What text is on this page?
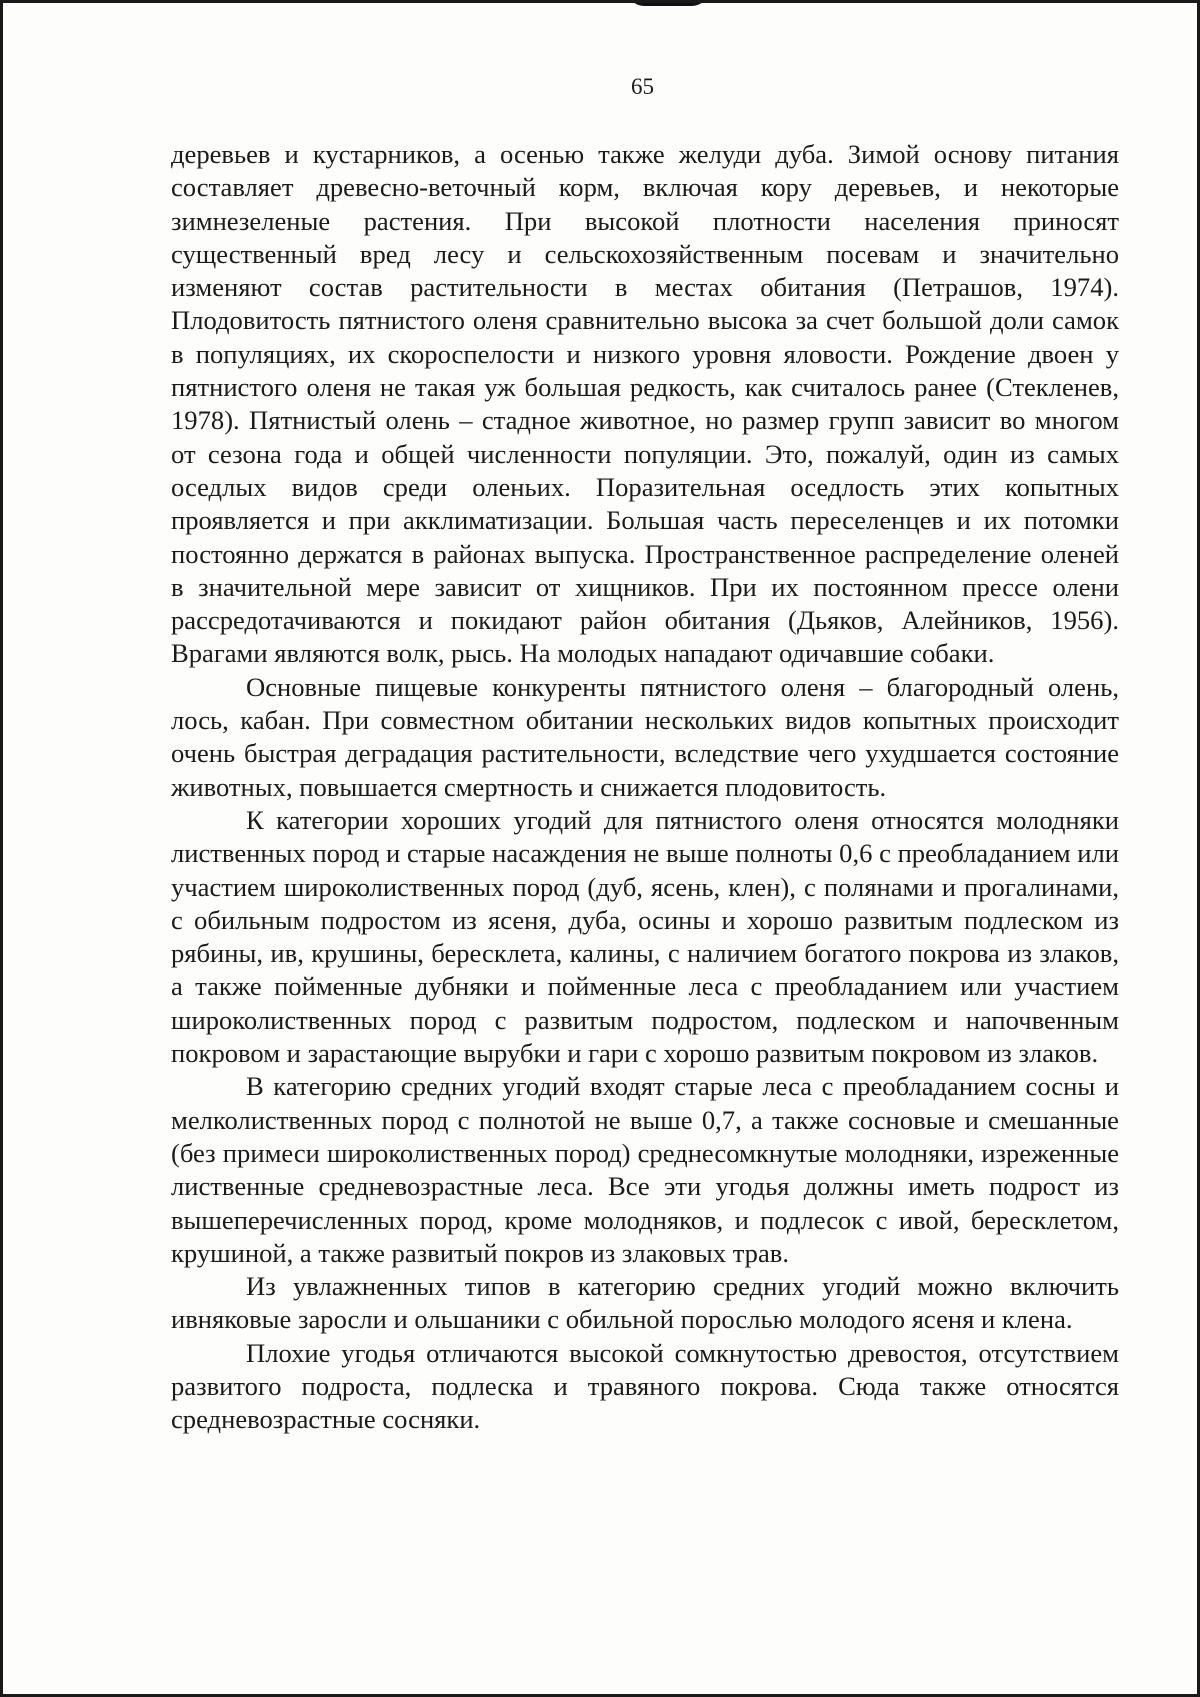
65

деревьев и кустарников, а осенью также желуди дуба. Зимой основу питания составляет древесно-веточный корм, включая кору деревьев, и некоторые зимнезеленые растения. При высокой плотности населения приносят существенный вред лесу и сельскохозяйственным посевам и значительно изменяют состав растительности в местах обитания (Петрашов, 1974). Плодовитость пятнистого оленя сравнительно высока за счет большой доли самок в популяциях, их скороспелости и низкого уровня яловости. Рождение двоен у пятнистого оленя не такая уж большая редкость, как считалось ранее (Стекленев, 1978). Пятнистый олень – стадное животное, но размер групп зависит во многом от сезона года и общей численности популяции. Это, пожалуй, один из самых оседлых видов среди оленьих. Поразительная оседлость этих копытных проявляется и при акклиматизации. Большая часть переселенцев и их потомки постоянно держатся в районах выпуска. Пространственное распределение оленей в значительной мере зависит от хищников. При их постоянном прессе олени рассредотачиваются и покидают район обитания (Дьяков, Алейников, 1956). Врагами являются волк, рысь. На молодых нападают одичавшие собаки.

Основные пищевые конкуренты пятнистого оленя – благородный олень, лось, кабан. При совместном обитании нескольких видов копытных происходит очень быстрая деградация растительности, вследствие чего ухудшается состояние животных, повышается смертность и снижается плодовитость.

К категории хороших угодий для пятнистого оленя относятся молодняки лиственных пород и старые насаждения не выше полноты 0,6 с преобладанием или участием широколиственных пород (дуб, ясень, клен), с полянами и прогалинами, с обильным подростом из ясеня, дуба, осины и хорошо развитым подлеском из рябины, ив, крушины, бересклета, калины, с наличием богатого покрова из злаков, а также пойменные дубняки и пойменные леса с преобладанием или участием широколиственных пород с развитым подростом, подлеском и напочвенным покровом и зарастающие вырубки и гари с хорошо развитым покровом из злаков.

В категорию средних угодий входят старые леса с преобладанием сосны и мелколиственных пород с полнотой не выше 0,7, а также сосновые и смешанные (без примеси широколиственных пород) среднесомкнутые молодняки, изреженные лиственные средневозрастные леса. Все эти угодья должны иметь подрост из вышеперечисленных пород, кроме молодняков, и подлесок с ивой, бересклетом, крушиной, а также развитый покров из злаковых трав.

Из увлажненных типов в категорию средних угодий можно включить ивняковые заросли и ольшаники с обильной порослью молодого ясеня и клена.

Плохие угодья отличаются высокой сомкнутостью древостоя, отсутствием развитого подроста, подлеска и травяного покрова. Сюда также относятся средневозрастные сосняки.
